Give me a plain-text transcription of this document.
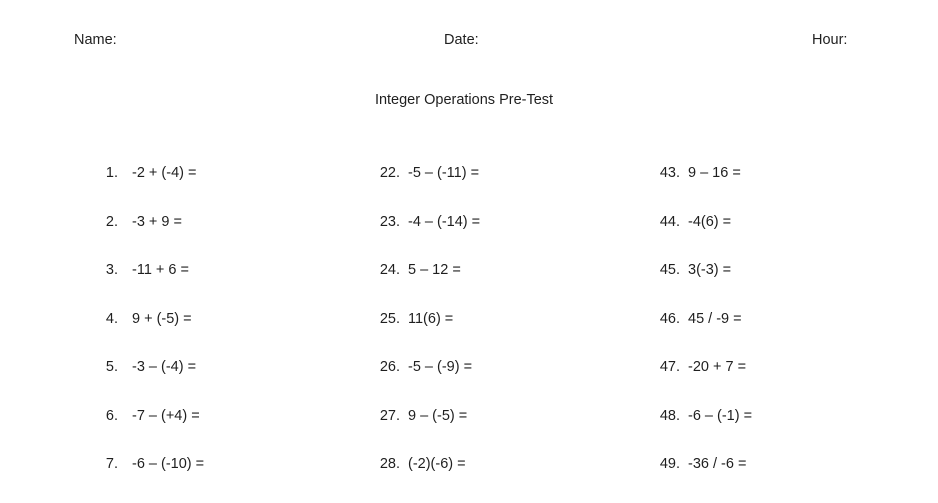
Name:	Date:	Hour:
Integer Operations Pre-Test
1. -2 + (-4) =
2. -3 + 9 =
3. -11 + 6 =
4. 9 + (-5) =
5. -3 – (-4) =
6. -7 – (+4) =
7. -6 – (-10) =
22. -5 – (-11) =
23. -4 – (-14) =
24. 5 – 12 =
25. 11(6) =
26. -5 – (-9) =
27. 9 – (-5) =
28. (-2)(-6) =
43. 9 – 16 =
44. -4(6) =
45. 3(-3) =
46. 45 / -9 =
47. -20 + 7 =
48. -6 – (-1) =
49. -36 / -6 =
